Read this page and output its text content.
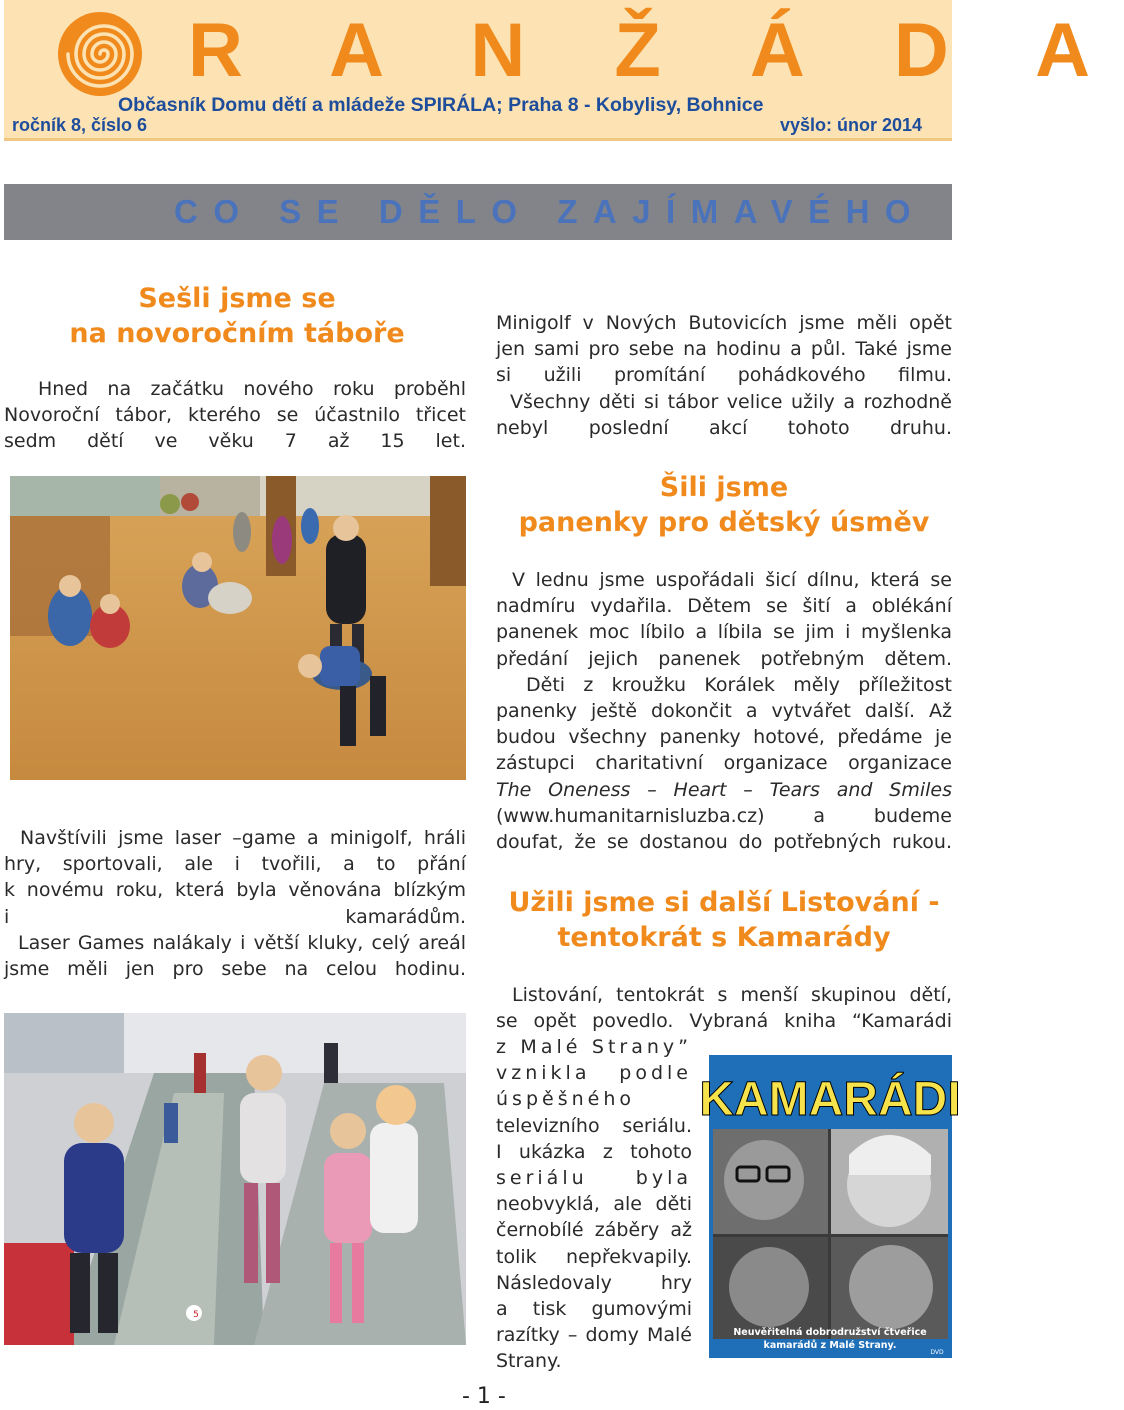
R A N Ž Á D A
Občasník Domu dětí a mládeže SPIRÁLA; Praha 8 - Kobylisy, Bohnice
ročník 8, číslo 6	vyšlo: únor 2014
CO SE DĚLO ZAJÍMAVÉHO
Sešli jsme se
na novoročním táboře
Hned na začátku nového roku proběhl
Novoroční tábor, kterého se účastnilo třicet
sedm dětí ve věku 7 až 15 let.
Navštívili jsme laser –game a minigolf, hráli
hry, sportovali, ale i tvořili, a to přání
k novému roku, která byla věnována blízkým
i kamarádům.
Laser Games nalákaly i větší kluky, celý areál
jsme měli jen pro sebe na celou hodinu.
5
Minigolf v Nových Butovicích jsme měli opět
jen sami pro sebe na hodinu a půl. Také jsme
si užili promítání pohádkového filmu.
Všechny děti si tábor velice užily a rozhodně
nebyl poslední akcí tohoto druhu.
Šili jsme
panenky pro dětský úsměv
V lednu jsme uspořádali šicí dílnu, která se
nadmíru vydařila. Dětem se šití a oblékání
panenek moc líbilo a líbila se jim i myšlenka
předání jejich panenek potřebným dětem.
Děti z kroužku Korálek měly příležitost
panenky ještě dokončit a vytvářet další. Až
budou všechny panenky hotové, předáme je
zástupci charitativní organizace organizace
The Oneness – Heart – Tears and Smiles
(www.humanitarnisluzba.cz) a budeme
doufat, že se dostanou do potřebných rukou.
Užili jsme si další Listování -
tentokrát s Kamarády
Listování, tentokrát s menší skupinou dětí,
se opět povedlo. Vybraná kniha “Kamarádi
z Malé Strany”
vznikla podle
úspěšného
televizního seriálu.
I ukázka z tohoto
seriálu byla
neobvyklá, ale děti
černobílé záběry až
tolik nepřekvapily.
Následovaly hry
a tisk gumovými
razítky – domy Malé
Strany.
KAMARÁDI
Neuvěřitelná dobrodružství čtveřice
kamarádů z Malé Strany.
DVD
- 1 -
